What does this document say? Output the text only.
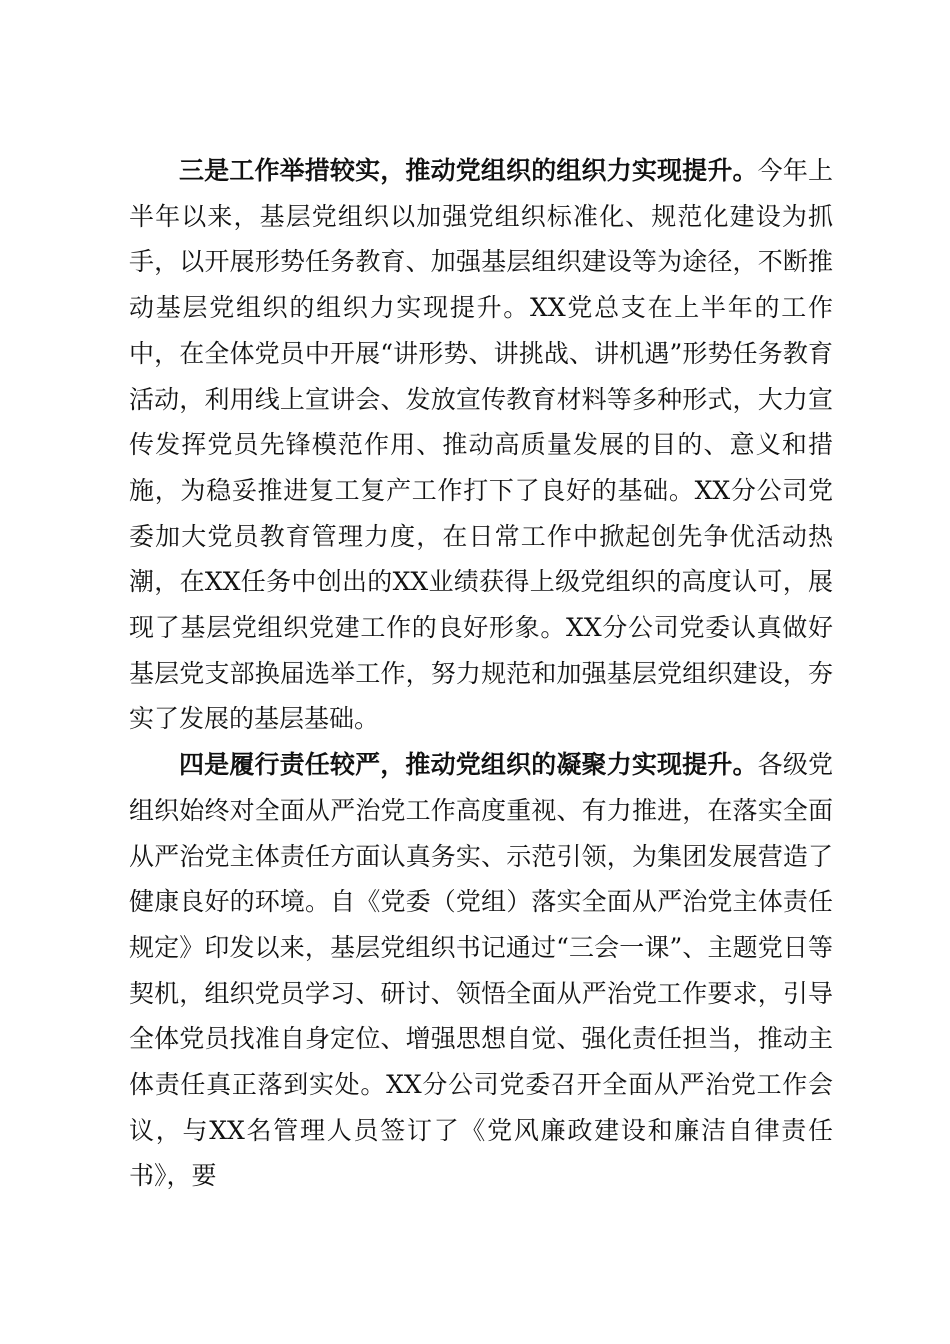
三是工作举措较实，推动党组织的组织力实现提升。今年上半年以来，基层党组织以加强党组织标准化、规范化建设为抓手，以开展形势任务教育、加强基层组织建设等为途径，不断推动基层党组织的组织力实现提升。XX党总支在上半年的工作中，在全体党员中开展“讲形势、讲挑战、讲机遇”形势任务教育活动，利用线上宣讲会、发放宣传教育材料等多种形式，大力宣传发挥党员先锋模范作用、推动高质量发展的目的、意义和措施，为稳妥推进复工复产工作打下了良好的基础。XX分公司党委加大党员教育管理力度，在日常工作中掀起创先争优活动热潮，在XX任务中创出的XX业绩获得上级党组织的高度认可，展现了基层党组织党建工作的良好形象。XX分公司党委认真做好基层党支部换届选举工作，努力规范和加强基层党组织建设，夯实了发展的基层基础。

四是履行责任较严，推动党组织的凝聚力实现提升。各级党组织始终对全面从严治党工作高度重视、有力推进，在落实全面从严治党主体责任方面认真务实、示范引领，为集团发展营造了健康良好的环境。自《党委（党组）落实全面从严治党主体责任规定》印发以来，基层党组织书记通过“三会一课”、主题党日等契机，组织党员学习、研讨、领悟全面从严治党工作要求，引导全体党员找准自身定位、增强思想自觉、强化责任担当，推动主体责任真正落到实处。XX分公司党委召开全面从严治党工作会议，与XX名管理人员签订了《党风廉政建设和廉洁自律责任书》，要
